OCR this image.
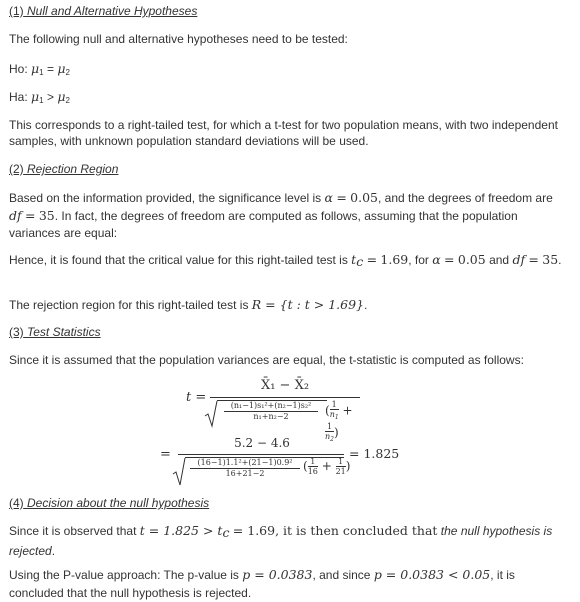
(1) Null and Alternative Hypotheses
The following null and alternative hypotheses need to be tested:
Ho: $\mu_1 = \mu_2$
Ha: $\mu_1 > \mu_2$
This corresponds to a right-tailed test, for which a t-test for two population means, with two independent samples, with unknown population standard deviations will be used.
(2) Rejection Region
Based on the information provided, the significance level is α = 0.05, and the degrees of freedom are df = 35. In fact, the degrees of freedom are computed as follows, assuming that the population variances are equal:
Hence, it is found that the critical value for this right-tailed test is $t_c = 1.69$, for α = 0.05 and df = 35.
The rejection region for this right-tailed test is R = {t : t > 1.69}.
(3) Test Statistics
Since it is assumed that the population variances are equal, the t-statistic is computed as follows:
t =
X̄₁ − X̄₂
(n₁−1)s₁²+(n₂−1)s₂²
n₁+n₂−2	( $\frac{1}{n_1}$ +
$\frac{1}{n_2}$ )
=
5.2 − 4.6
(16−1)1.1²+(21−1)0.9²
16+21−2
( $\frac{1}{16} + \frac{1}{21}$ )
= 1.825
(4) Decision about the null hypothesis
Since it is observed that $t = 1.825 > t_c = 1.69$, it is then concluded that the null hypothesis is rejected.
Using the P-value approach: The p-value is p = 0.0383, and since p = 0.0383 < 0.05, it is concluded that the null hypothesis is rejected.
